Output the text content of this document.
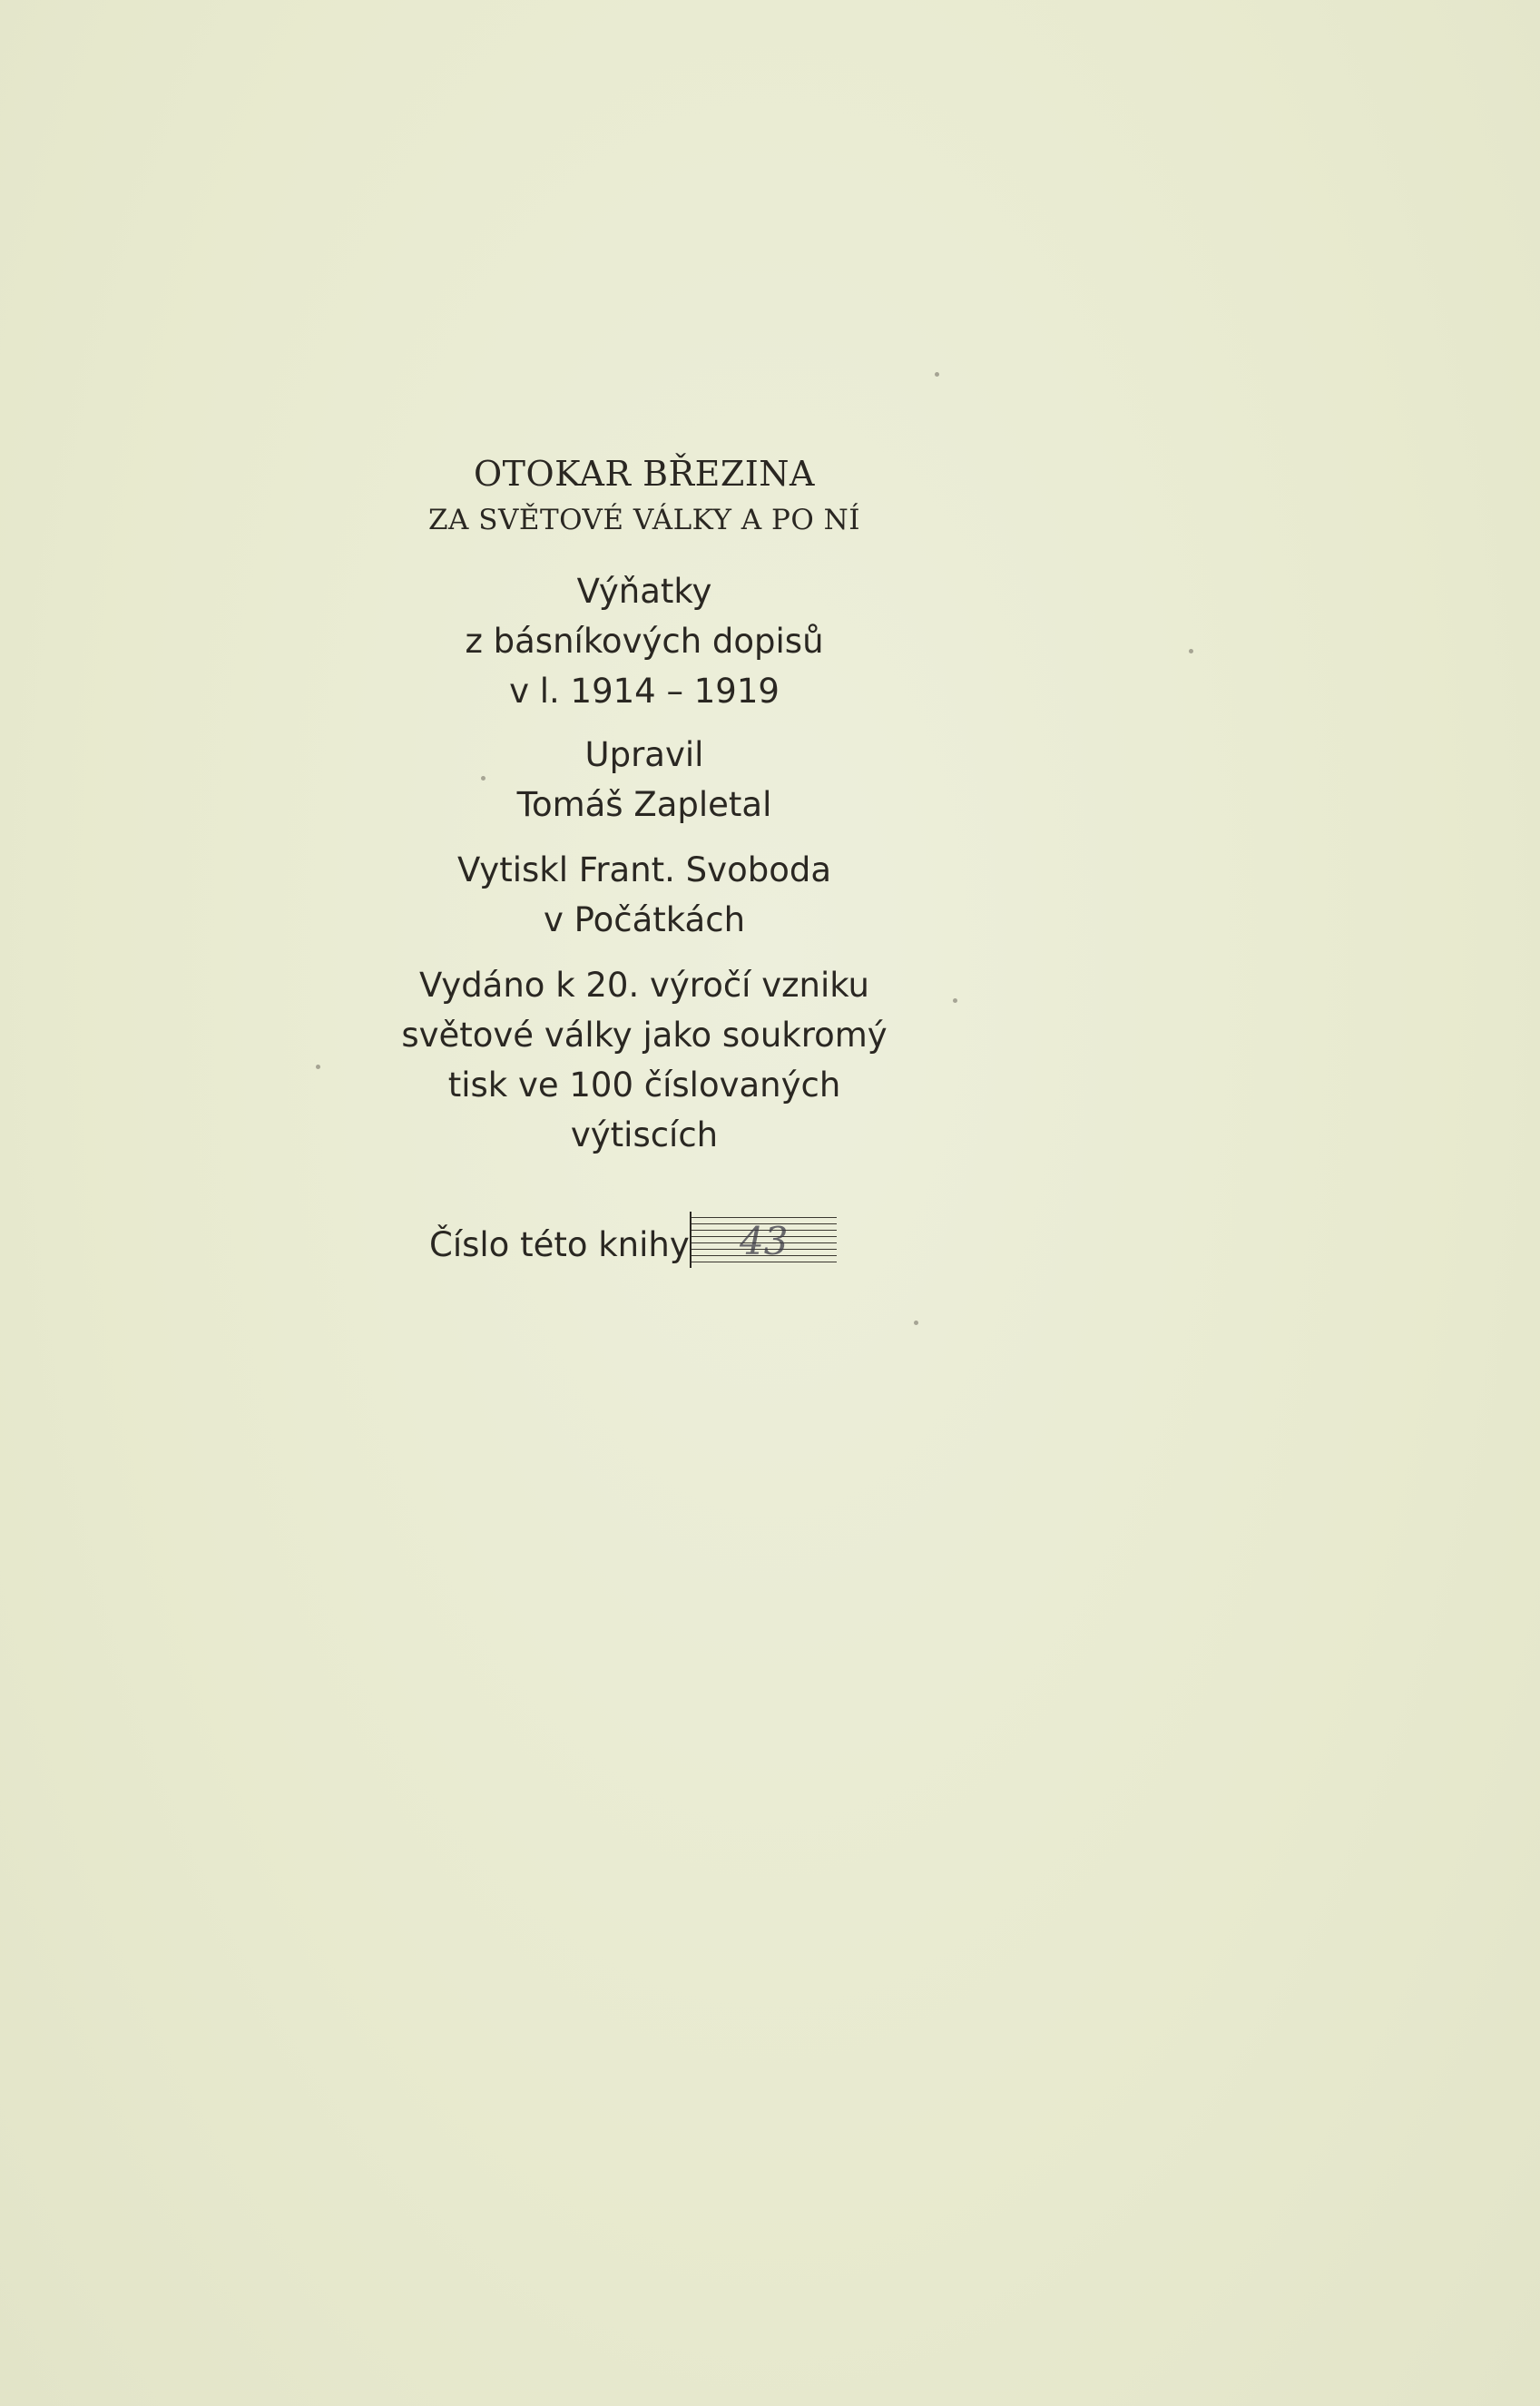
OTOKAR BŘEZINA
ZA SVĚTOVÉ VÁLKY A PO NÍ
Výňatky
z básníkových dopisů
v l. 1914 – 1919
Upravil
Tomáš Zapletal
Vytiskl Frant. Svoboda
v Počátkách
Vydáno k 20. výročí vzniku
světové války jako soukromý
tisk ve 100 číslovaných
výtiscích
Číslo této knihy	43
